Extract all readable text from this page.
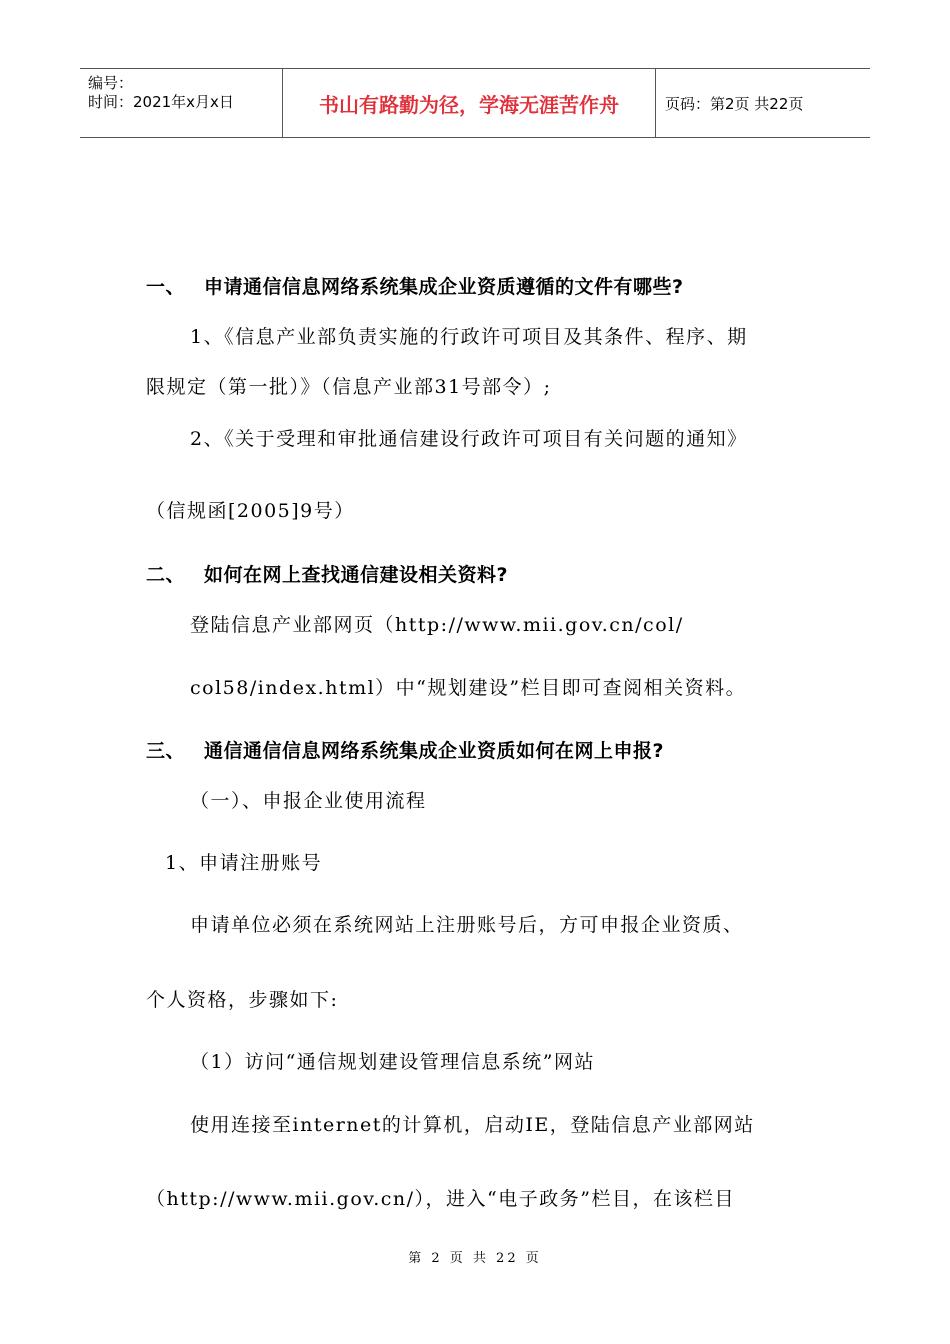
编号：
时间：2021年x月x日	书山有路勤为径，学海无涯苦作舟	页码：第2页 共22页
一、 申请通信信息网络系统集成企业资质遵循的文件有哪些?
1、《信息产业部负责实施的行政许可项目及其条件、程序、期
限规定（第一批）》（信息产业部31号部令）;
2、《关于受理和审批通信建设行政许可项目有关问题的通知》
（信规函[2005]9号）
二、 如何在网上查找通信建设相关资料?
登陆信息产业部网页（http://www.mii.gov.cn/col/
col58/index.html）中“规划建设”栏目即可查阅相关资料。
三、 通信通信信息网络系统集成企业资质如何在网上申报?
（一）、申报企业使用流程
1、申请注册账号
申请单位必须在系统网站上注册账号后，方可申报企业资质、
个人资格，步骤如下:
（1）访问“通信规划建设管理信息系统”网站
使用连接至internet的计算机，启动IE，登陆信息产业部网站
（http://www.mii.gov.cn/），进入“电子政务”栏目，在该栏目
第 2 页 共 22 页
